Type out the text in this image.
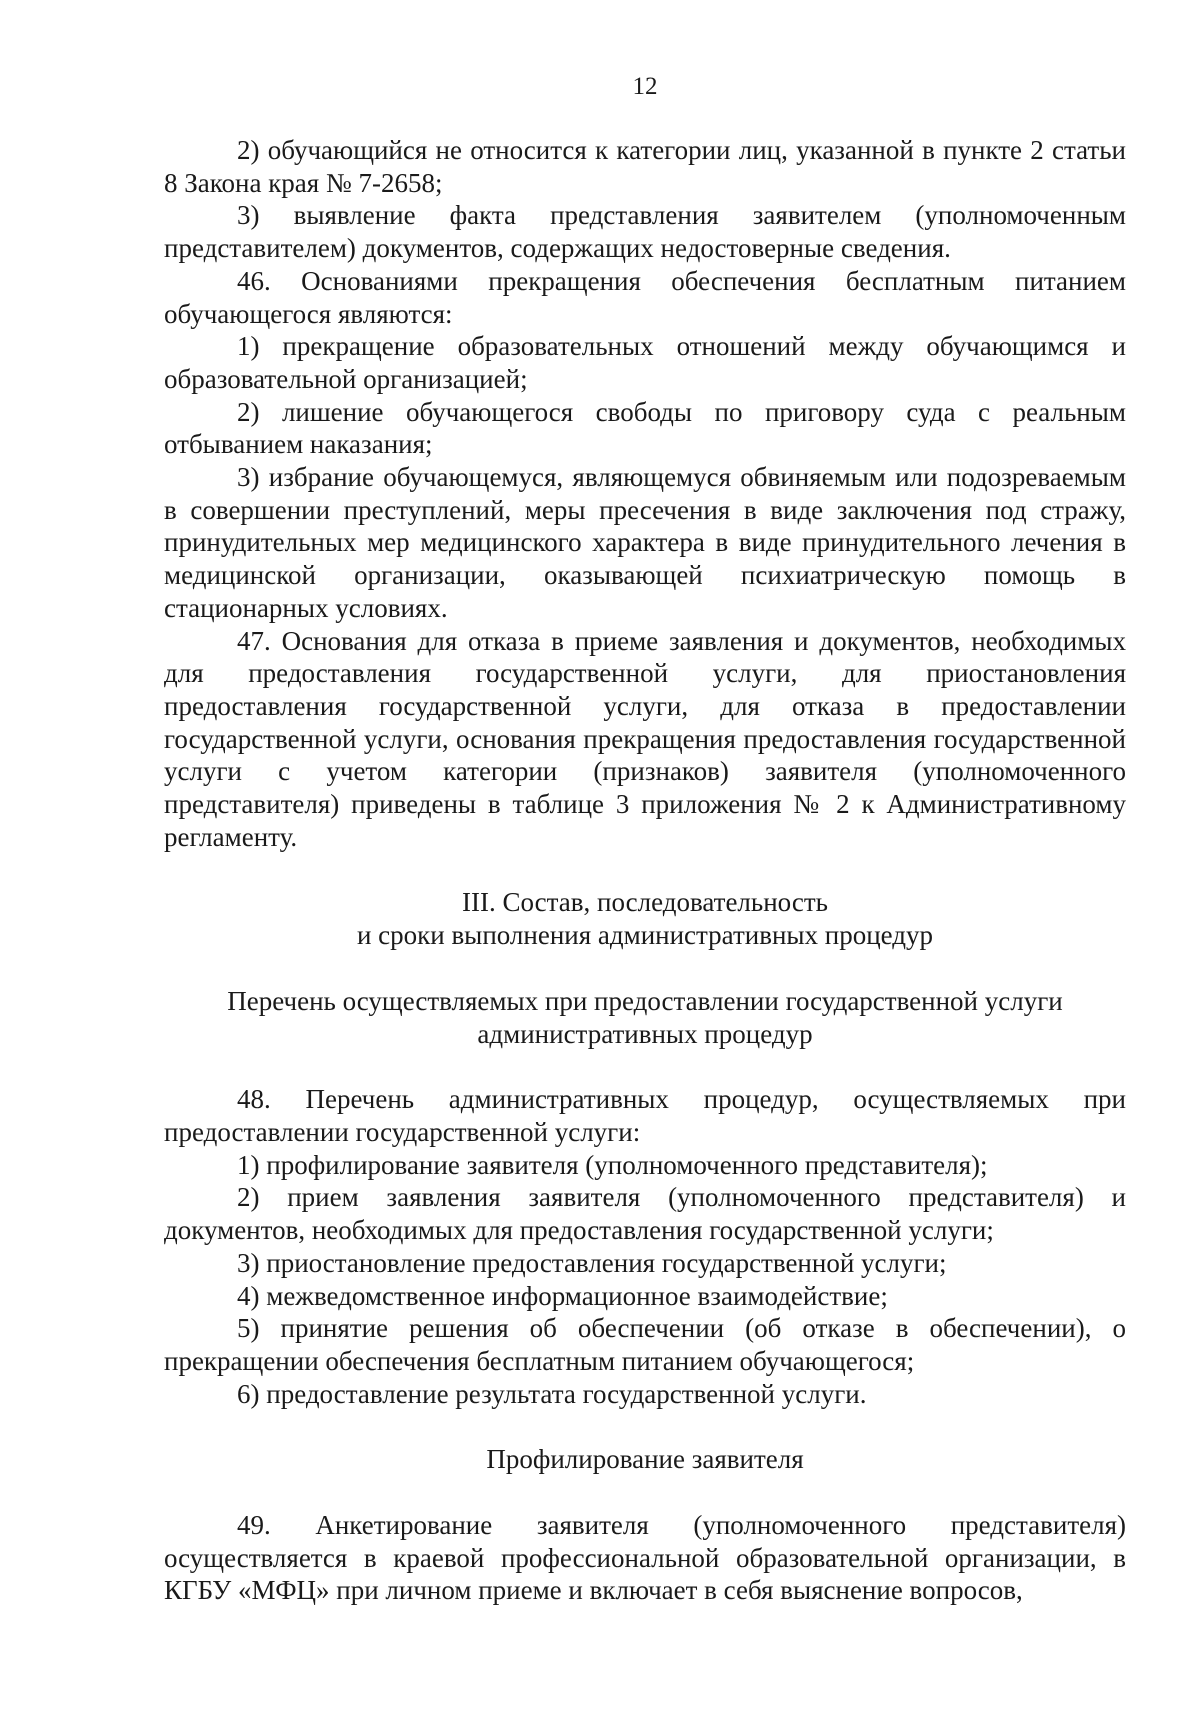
12

2) обучающийся не относится к категории лиц, указанной в пункте 2 статьи 8 Закона края № 7-2658;

3) выявление факта представления заявителем (уполномоченным представителем) документов, содержащих недостоверные сведения.

46. Основаниями прекращения обеспечения бесплатным питанием обучающегося являются:

1) прекращение образовательных отношений между обучающимся и образовательной организацией;

2) лишение обучающегося свободы по приговору суда с реальным отбыванием наказания;

3) избрание обучающемуся, являющемуся обвиняемым или подозреваемым в совершении преступлений, меры пресечения в виде заключения под стражу, принудительных мер медицинского характера в виде принудительного лечения в медицинской организации, оказывающей психиатрическую помощь в стационарных условиях.

47. Основания для отказа в приеме заявления и документов, необходимых для предоставления государственной услуги, для приостановления предоставления государственной услуги, для отказа в предоставлении государственной услуги, основания прекращения предоставления государственной услуги с учетом категории (признаков) заявителя (уполномоченного представителя) приведены в таблице 3 приложения № 2 к Административному регламенту.

III. Состав, последовательность

и сроки выполнения административных процедур

Перечень осуществляемых при предоставлении государственной услуги

административных процедур

48. Перечень административных процедур, осуществляемых при предоставлении государственной услуги:

1) профилирование заявителя (уполномоченного представителя);

2) прием заявления заявителя (уполномоченного представителя) и документов, необходимых для предоставления государственной услуги;

3) приостановление предоставления государственной услуги;

4) межведомственное информационное взаимодействие;

5) принятие решения об обеспечении (об отказе в обеспечении), о прекращении обеспечения бесплатным питанием обучающегося;

6) предоставление результата государственной услуги.

Профилирование заявителя

49. Анкетирование заявителя (уполномоченного представителя) осуществляется в краевой профессиональной образовательной организации, в КГБУ «МФЦ» при личном приеме и включает в себя выяснение вопросов,
